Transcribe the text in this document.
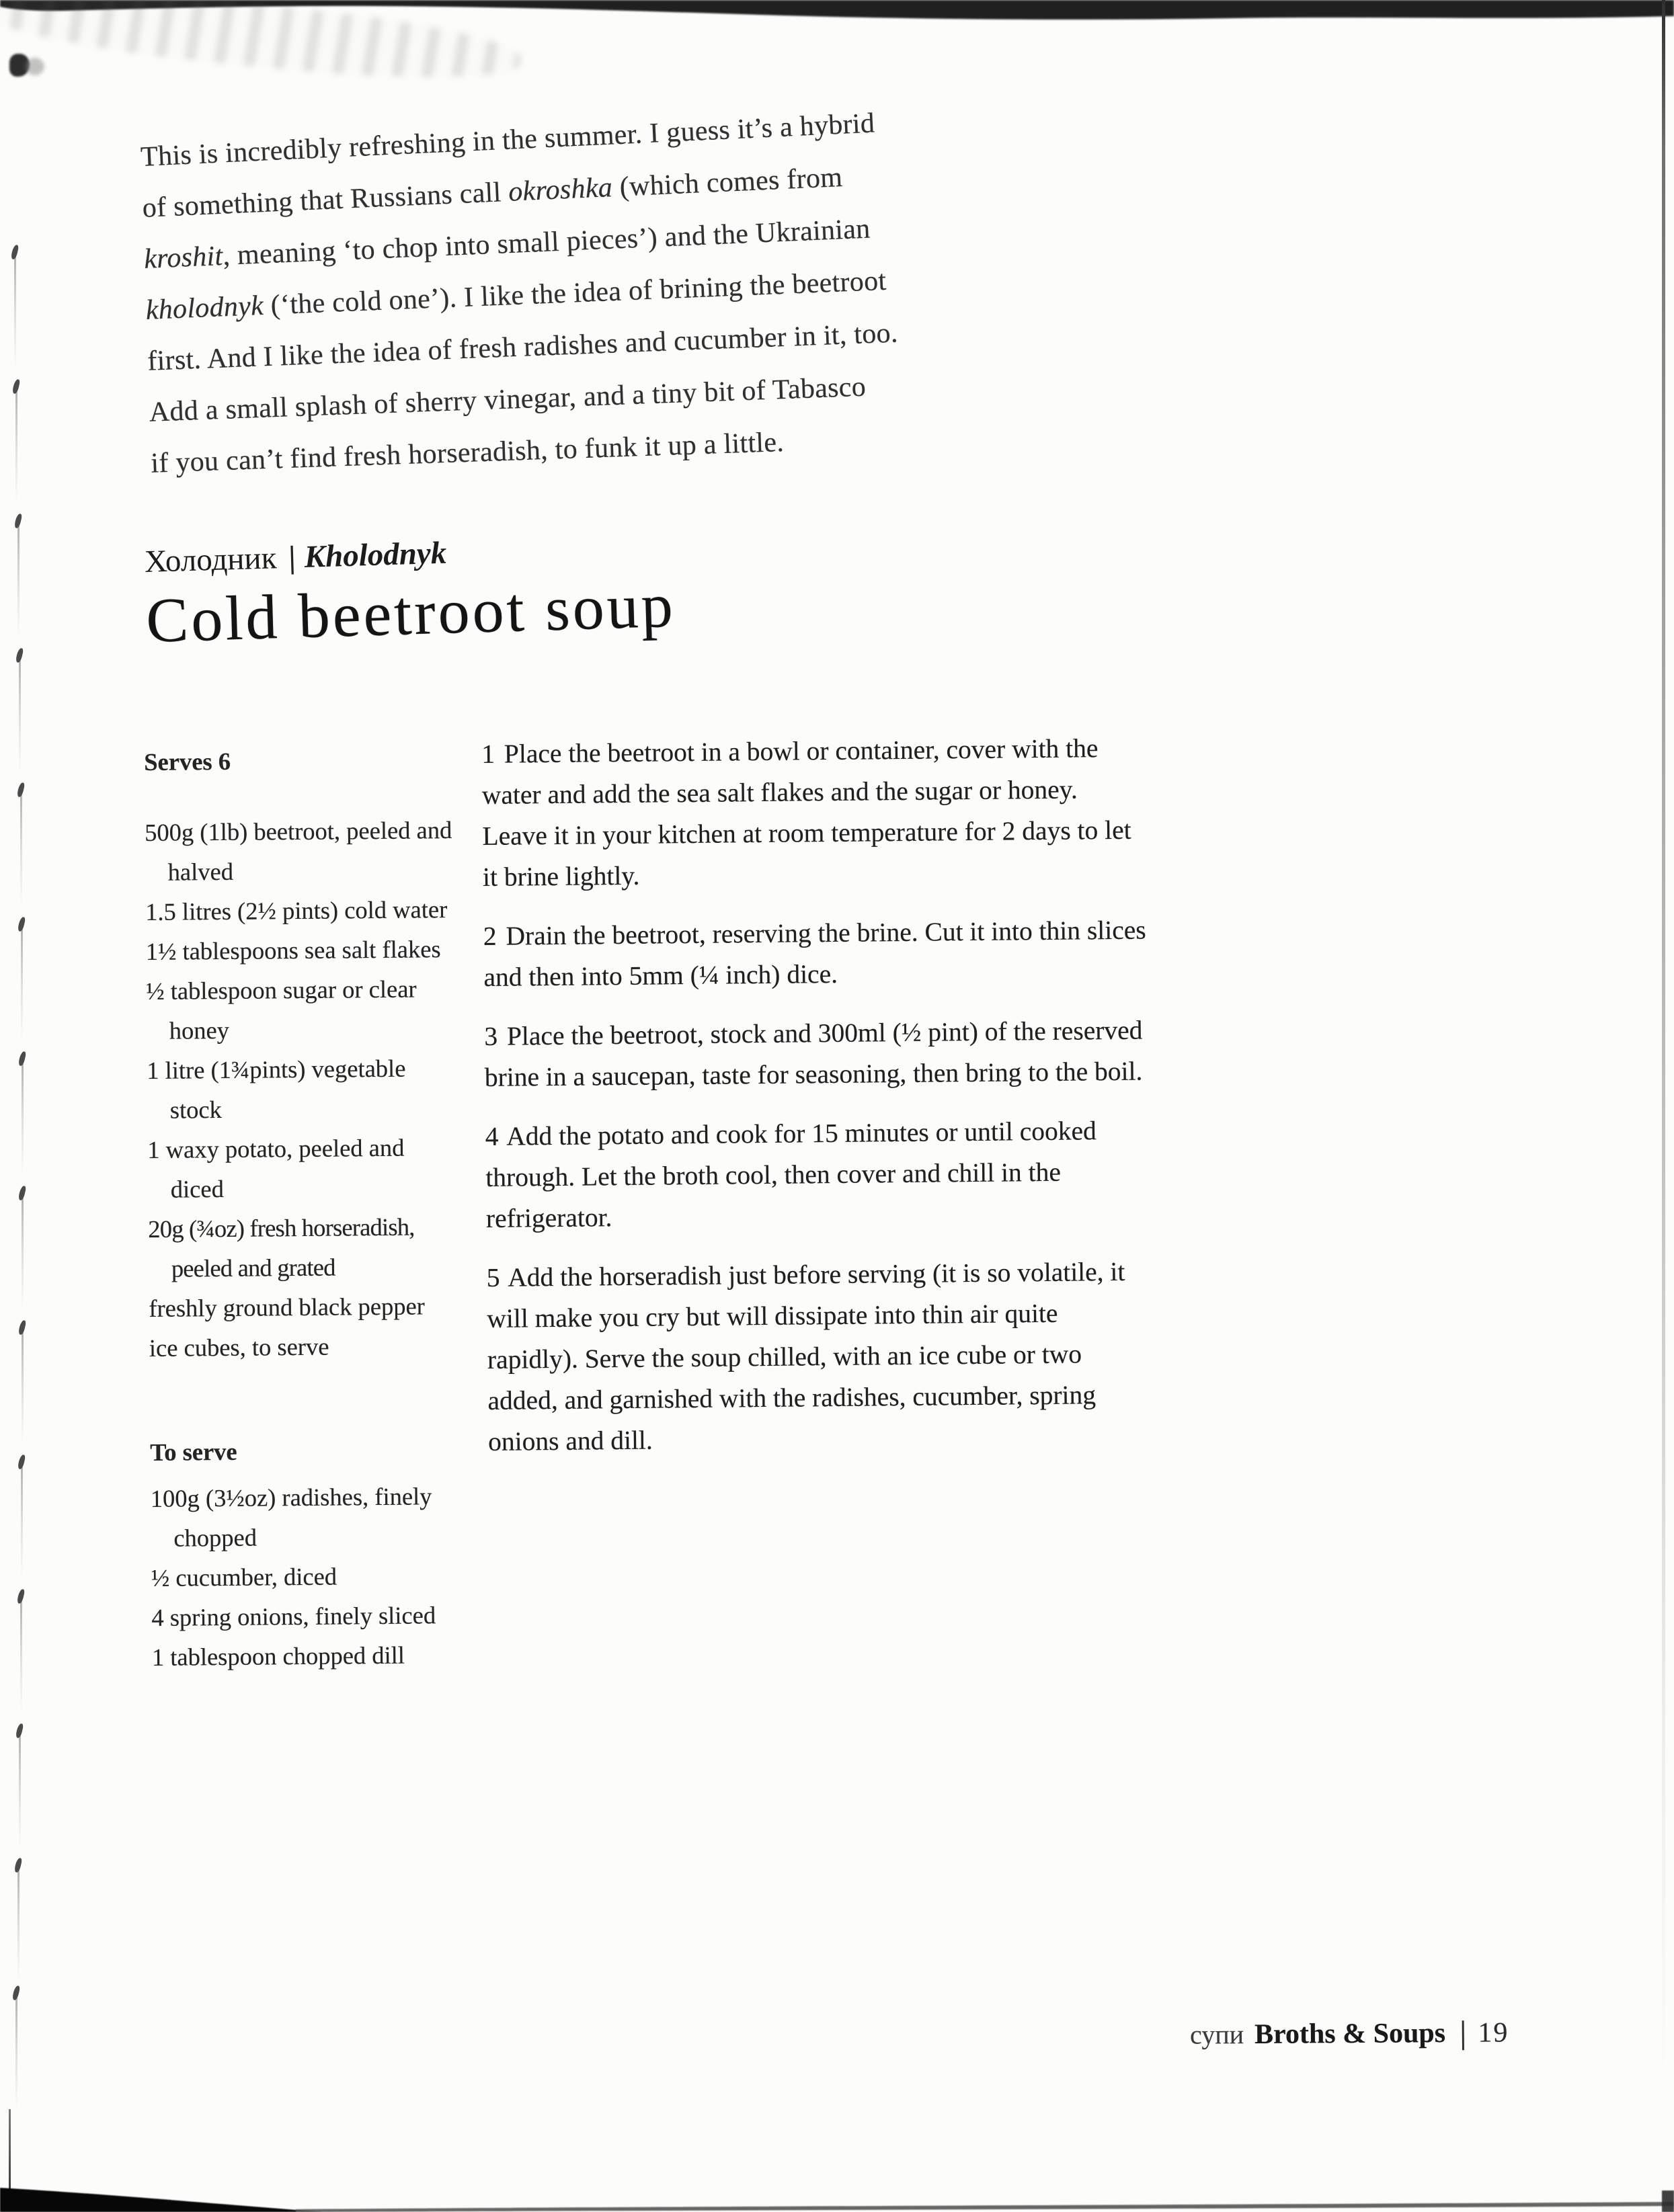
This is incredibly refreshing in the summer. I guess it’s a hybrid
of something that Russians call okroshka (which comes from
kroshit, meaning ‘to chop into small pieces’) and the Ukrainian
kholodnyk (‘the cold one’). I like the idea of brining the beetroot
first. And I like the idea of fresh radishes and cucumber in it, too.
Add a small splash of sherry vinegar, and a tiny bit of Tabasco
if you can’t find fresh horseradish, to funk it up a little.
Холодник | Kholodnyk
Cold beetroot soup
Serves 6
500g (1lb) beetroot, peeled and halved
1.5 litres (2½ pints) cold water
1½ tablespoons sea salt flakes
½ tablespoon sugar or clear honey
1 litre (1¾pints) vegetable stock
1 waxy potato, peeled and diced
20g (¾oz) fresh horseradish, peeled and grated
freshly ground black pepper
ice cubes, to serve
To serve
100g (3½oz) radishes, finely chopped
½ cucumber, diced
4 spring onions, finely sliced
1 tablespoon chopped dill

1 Place the beetroot in a bowl or container, cover with the water and add the sea salt flakes and the sugar or honey. Leave it in your kitchen at room temperature for 2 days to let it brine lightly.

2 Drain the beetroot, reserving the brine. Cut it into thin slices and then into 5mm (¼ inch) dice.

3 Place the beetroot, stock and 300ml (½ pint) of the reserved brine in a saucepan, taste for seasoning, then bring to the boil.

4 Add the potato and cook for 15 minutes or until cooked through. Let the broth cool, then cover and chill in the refrigerator.

5 Add the horseradish just before serving (it is so volatile, it will make you cry but will dissipate into thin air quite rapidly). Serve the soup chilled, with an ice cube or two added, and garnished with the radishes, cucumber, spring onions and dill.

супи Broths & Soups | 19
